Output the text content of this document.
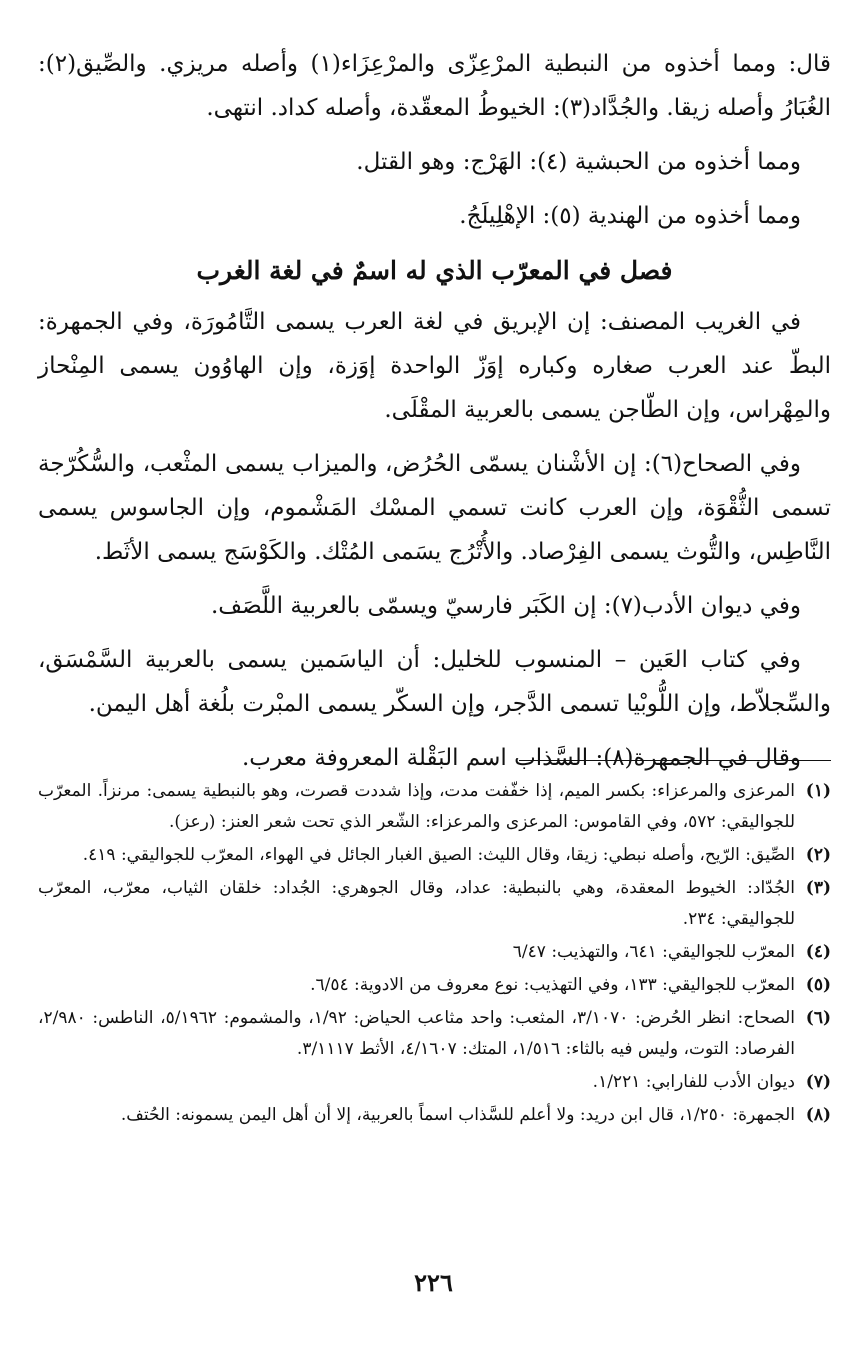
قال: ومما أخذوه من النبطية المرْعِزّى والمرْعِزَاء(١) وأصله مريزي. والصِّيق(٢): الغُبَارُ وأصله زيقا. والجُدَّاد(٣): الخيوطُ المعقّدة، وأصله كداد. انتهى.

ومما أخذوه من الحبشية (٤): الهَرْج: وهو القتل.

ومما أخذوه من الهندية (٥): الإهْلِيلَجُ.

فصل في المعرّب الذي له اسمٌ في لغة الغرب

في الغريب المصنف: إن الإبريق في لغة العرب يسمى التَّامُورَة، وفي الجمهرة: البطّ عند العرب صغاره وكباره إوَزّ الواحدة إوَزة، وإن الهاوُون يسمى المِنْحاز والمِهْراس، وإن الطّاجن يسمى بالعربية المقْلَى.

وفي الصحاح(٦): إن الأشْنان يسمّى الحُرُض، والميزاب يسمى المثْعب، والسُّكُرّجة تسمى الثُّقْوَة، وإن العرب كانت تسمي المسْك المَشْموم، وإن الجاسوس يسمى النَّاطِس، والتُّوث يسمى الفِرْصاد. والأُتْرُج يسَمى المُتْك. والكَوْسَج يسمى الأثَط.

وفي ديوان الأدب(٧): إن الكَبَر فارسيّ ويسمّى بالعربية اللَّصَف.

وفي كتاب العَين – المنسوب للخليل: أن الياسَمين يسمى بالعربية السَّمْسَق، والسِّجلاّط، وإن اللُّوبْيا تسمى الدَّجر، وإن السكّر يسمى المبْرت بلُغة أهل اليمن.

وقال في الجمهرة(٨): السَّذاب اسم البَقْلة المعروفة معرب.

(١)
المرعزى والمرعزاء: بكسر الميم، إذا خفّفت مدت، وإذا شددت قصرت، وهو بالنبطية يسمى: مرنزاً. المعرّب للجواليقي: ٥٧٢، وفي القاموس: المرعزى والمرعزاء: الشّعر الذي تحت شعر العنز: (رعز).
(٢)
الصِّيق: الرّيح، وأصله نبطي: زيقا، وقال الليث: الصيق الغبار الجائل في الهواء، المعرّب للجواليقي: ٤١٩.
(٣)
الجُدّاد: الخيوط المعقدة، وهي بالنبطية: عداد، وقال الجوهري: الجُداد: خلقان الثياب، معرّب، المعرّب للجواليقي: ٢٣٤.
(٤)
المعرّب للجواليقي: ٦٤١، والتهذيب: ٦/٤٧
(٥)
المعرّب للجواليقي: ١٣٣، وفي التهذيب: نوع معروف من الادوية: ٦/٥٤.
(٦)
الصحاح: انظر الحُرض: ٣/١٠٧٠، المثعب: واحد مثاعب الحياض: ١/٩٢، والمشموم: ٥/١٩٦٢، الناطس: ٢/٩٨٠، الفرصاد: التوت، وليس فيه بالثاء: ١/٥١٦، المتك: ٤/١٦٠٧، الأثط ٣/١١١٧.
(٧)
ديوان الأدب للفارابي: ١/٢٢١.
(٨)
الجمهرة: ١/٢٥٠، قال ابن دريد: ولا أعلم للسَّذاب اسماً بالعربية، إلا أن أهل اليمن يسمونه: الحُتف.
٢٢٦
